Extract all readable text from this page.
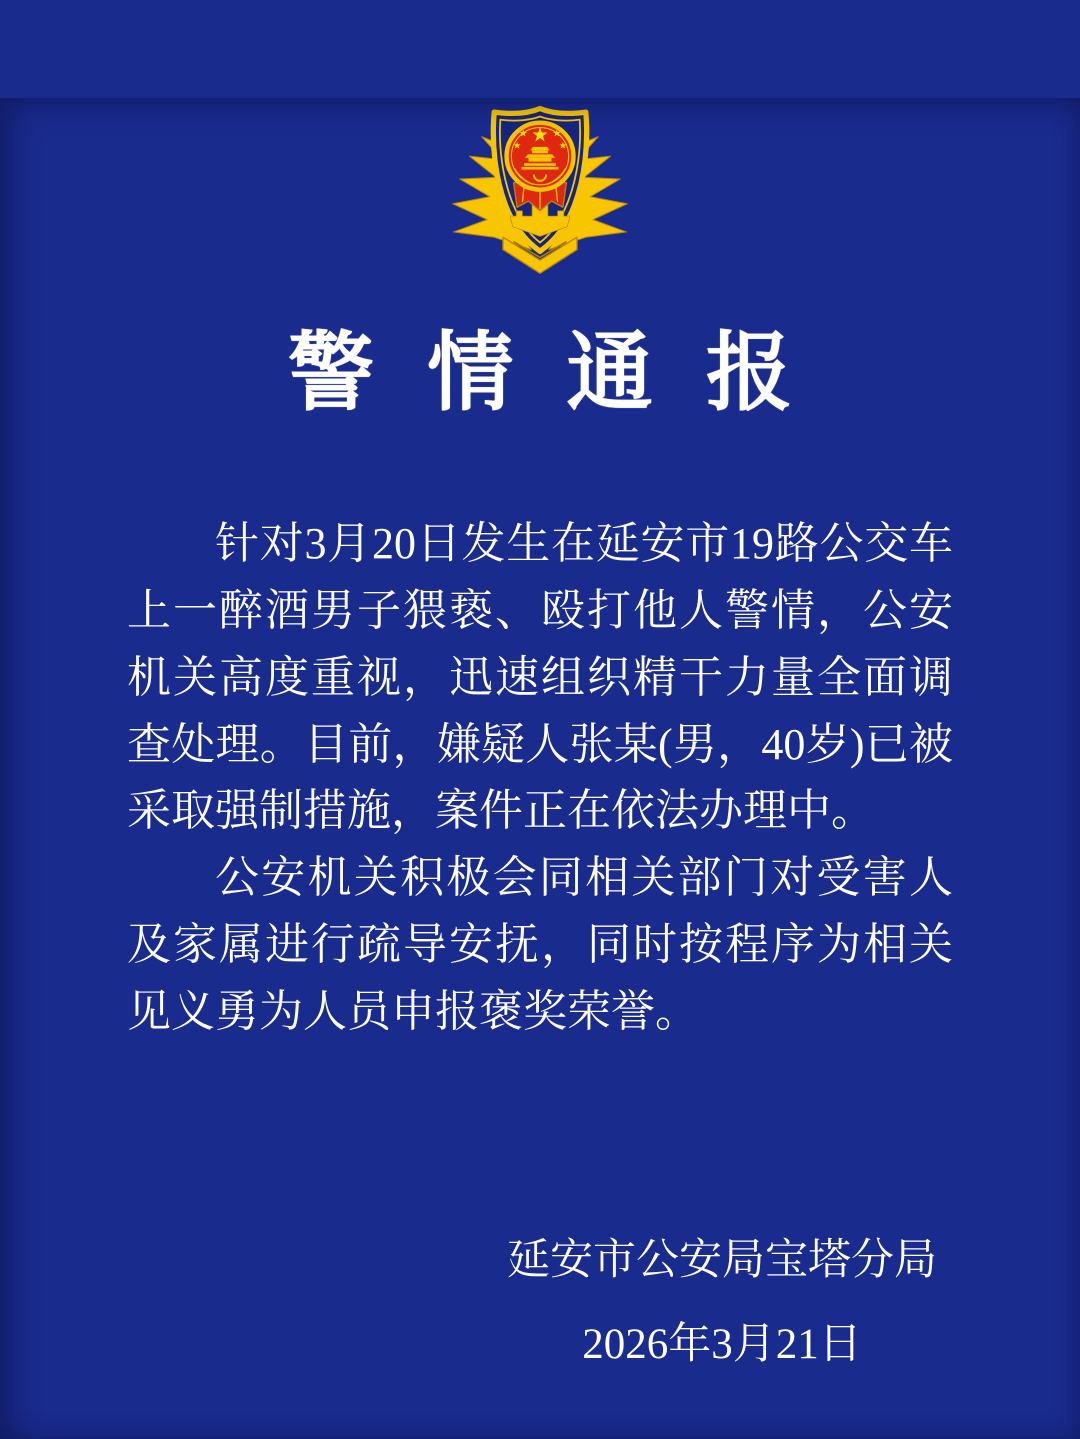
警情通报

针对3月20日发生在延安市19路公交车上一醉酒男子猥亵、殴打他人警情，公安机关高度重视，迅速组织精干力量全面调查处理。目前，嫌疑人张某(男，40岁)已被采取强制措施，案件正在依法办理中。

公安机关积极会同相关部门对受害人及家属进行疏导安抚，同时按程序为相关见义勇为人员申报褒奖荣誉。

延安市公安局宝塔分局
2026年3月21日
